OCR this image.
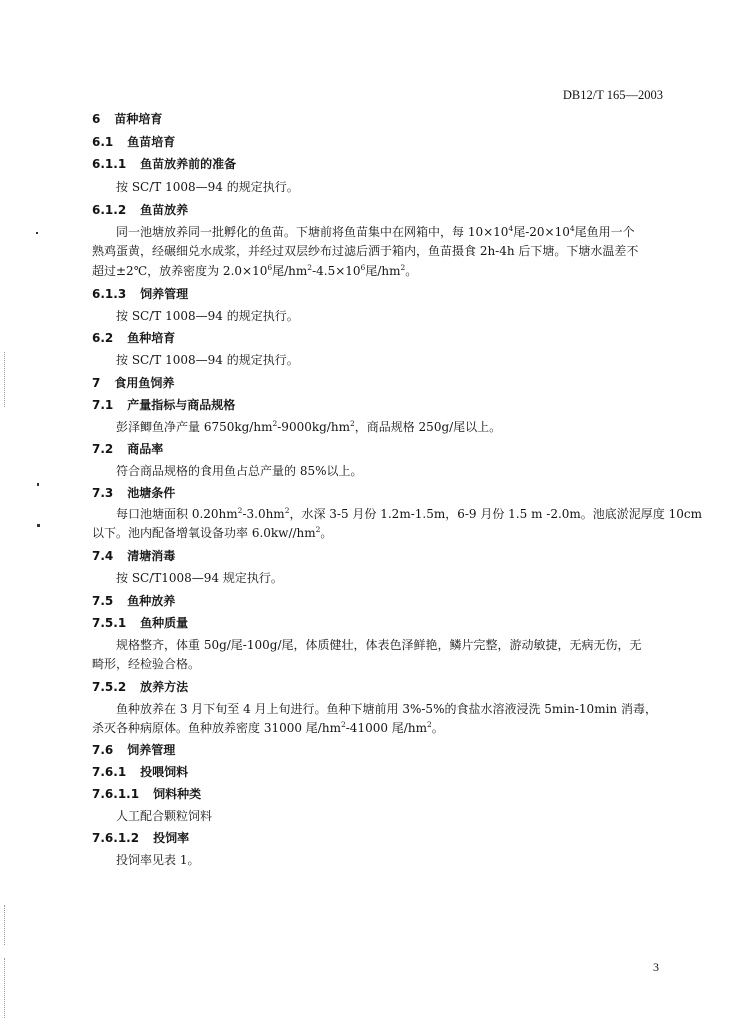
DB12/T 165—2003
6 苗种培育
6.1 鱼苗培育
6.1.1 鱼苗放养前的准备
按 SC/T 1008—94 的规定执行。
6.1.2 鱼苗放养
同一池塘放养同一批孵化的鱼苗。下塘前将鱼苗集中在网箱中，每 $10\times 10^4$尾$-20\times 10^4$尾鱼用一个
熟鸡蛋黄，经碾细兑水成浆，并经过双层纱布过滤后洒于箱内，鱼苗摄食 2h-4h 后下塘。下塘水温差不
超过±2℃，放养密度为 $2.0\times 10^6$尾$/hm^2-4.5\times 10^6$尾$/hm^2$。
6.1.3 饲养管理
按 SC/T 1008—94 的规定执行。
6.2 鱼种培育
按 SC/T 1008—94 的规定执行。
7 食用鱼饲养
7.1 产量指标与商品规格
彭泽鲫鱼净产量 $6750kg/hm^2-9000kg/hm^2$，商品规格 250g/尾以上。
7.2 商品率
符合商品规格的食用鱼占总产量的 85%以上。
7.3 池塘条件
每口池塘面积 $0.20hm^2-3.0hm^2$，水深 3-5 月份 1.2m-1.5m，6-9 月份 1.5 m -2.0m。池底淤泥厚度 10cm
以下。池内配备增氧设备功率 $6.0kw//hm^2$。
7.4 清塘消毒
按 SC/T1008—94 规定执行。
7.5 鱼种放养
7.5.1 鱼种质量
规格整齐，体重 50g/尾-100g/尾，体质健壮，体表色泽鲜艳，鳞片完整，游动敏捷，无病无伤，无
畸形，经检验合格。
7.5.2 放养方法
鱼种放养在 3 月下旬至 4 月上旬进行。鱼种下塘前用 3%-5%的食盐水溶液浸洗 5min-10min 消毒，
杀灭各种病原体。鱼种放养密度 31000 尾$/hm^2-41000$ 尾$/hm^2$。
7.6 饲养管理
7.6.1 投喂饲料
7.6.1.1 饲料种类
人工配合颗粒饲料
7.6.1.2 投饲率
投饲率见表 1。
3
